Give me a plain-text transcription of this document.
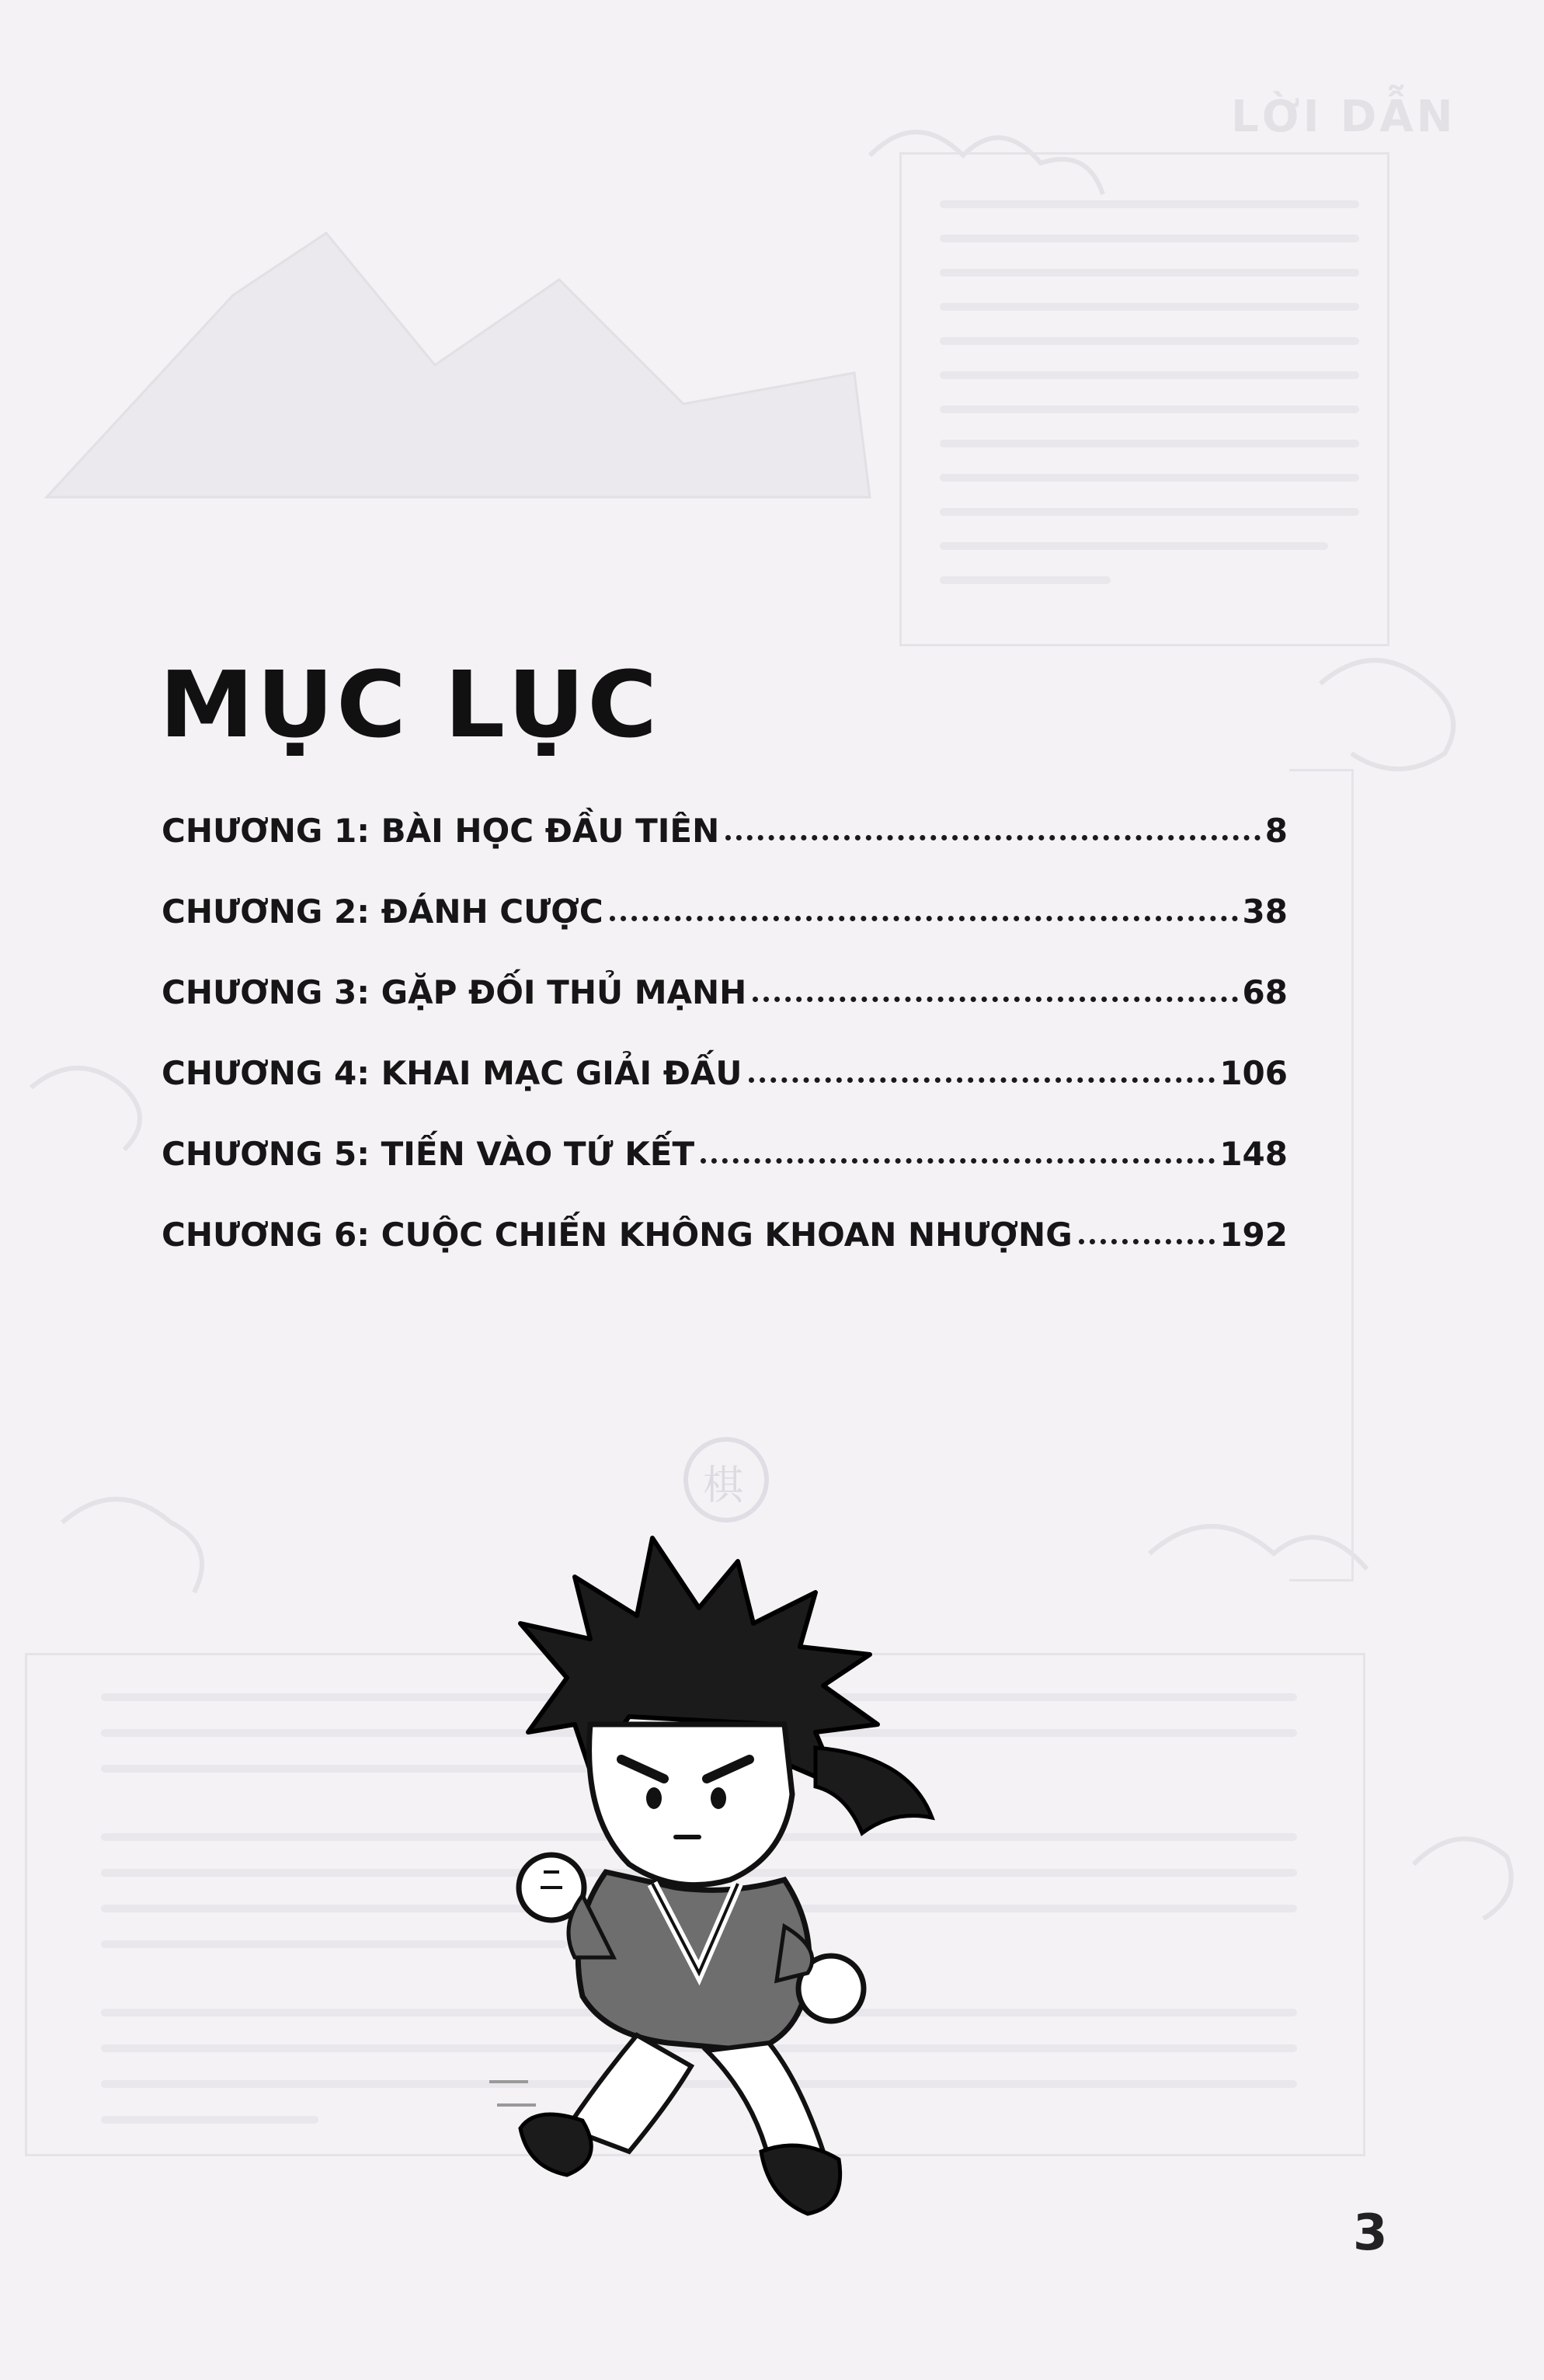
LỜI DẪN
MỤC LỤC
CHƯƠNG 1: BÀI HỌC ĐẦU TIÊN	8
CHƯƠNG 2: ĐÁNH CƯỢC	38
CHƯƠNG 3: GẶP ĐỐI THỦ MẠNH	68
CHƯƠNG 4: KHAI MẠC GIẢI ĐẤU	106
CHƯƠNG 5: TIẾN VÀO TỨ KẾT	148
CHƯƠNG 6: CUỘC CHIẾN KHÔNG KHOAN NHƯỢNG	192
棋
3
